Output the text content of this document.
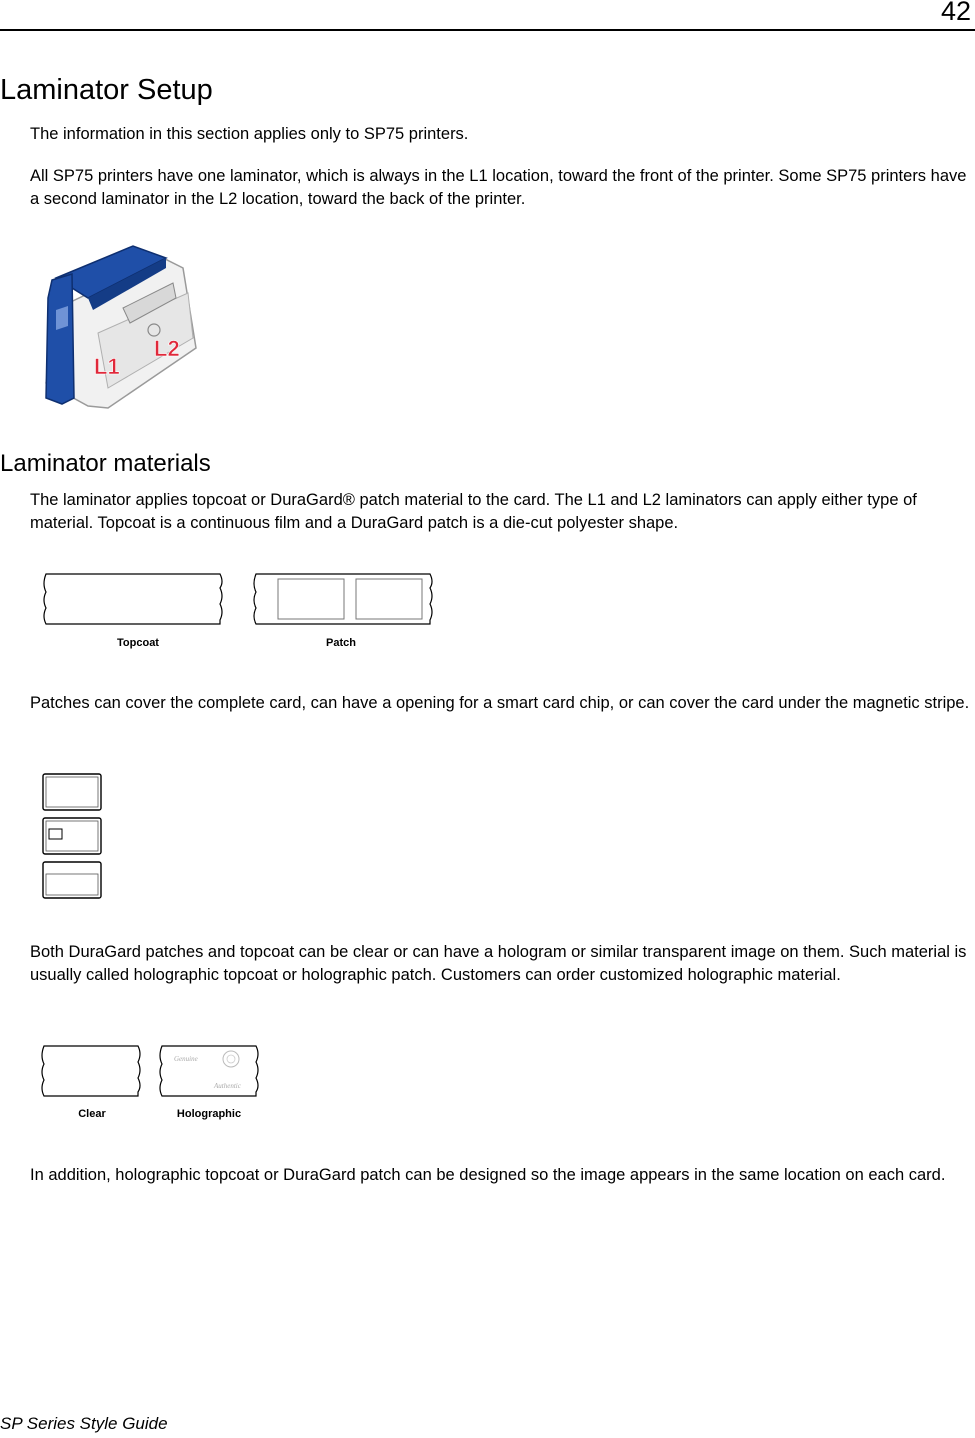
42
Laminator Setup

The information in this section applies only to SP75 printers.

All SP75 printers have one laminator, which is always in the L1 location, toward the front of the printer. Some SP75 printers have a second laminator in the L2 location, toward the back of the printer.

L1
L2
Laminator materials

The laminator applies topcoat or DuraGard® patch material to the card. The L1 and L2 laminators can apply either type of material. Topcoat is a continuous film and a DuraGard patch is a die-cut polyester shape.

Topcoat	Patch

Patches can cover the complete card, can have a opening for a smart card chip, or can cover the card under the magnetic stripe.

Both DuraGard patches and topcoat can be clear or can have a hologram or similar transparent image on them. Such material is usually called holographic topcoat or holographic patch. Customers can order customized holographic material.

Genuine
Authentic
Clear	Holographic

In addition, holographic topcoat or DuraGard patch can be designed so the image appears in the same location on each card.

SP Series Style Guide
